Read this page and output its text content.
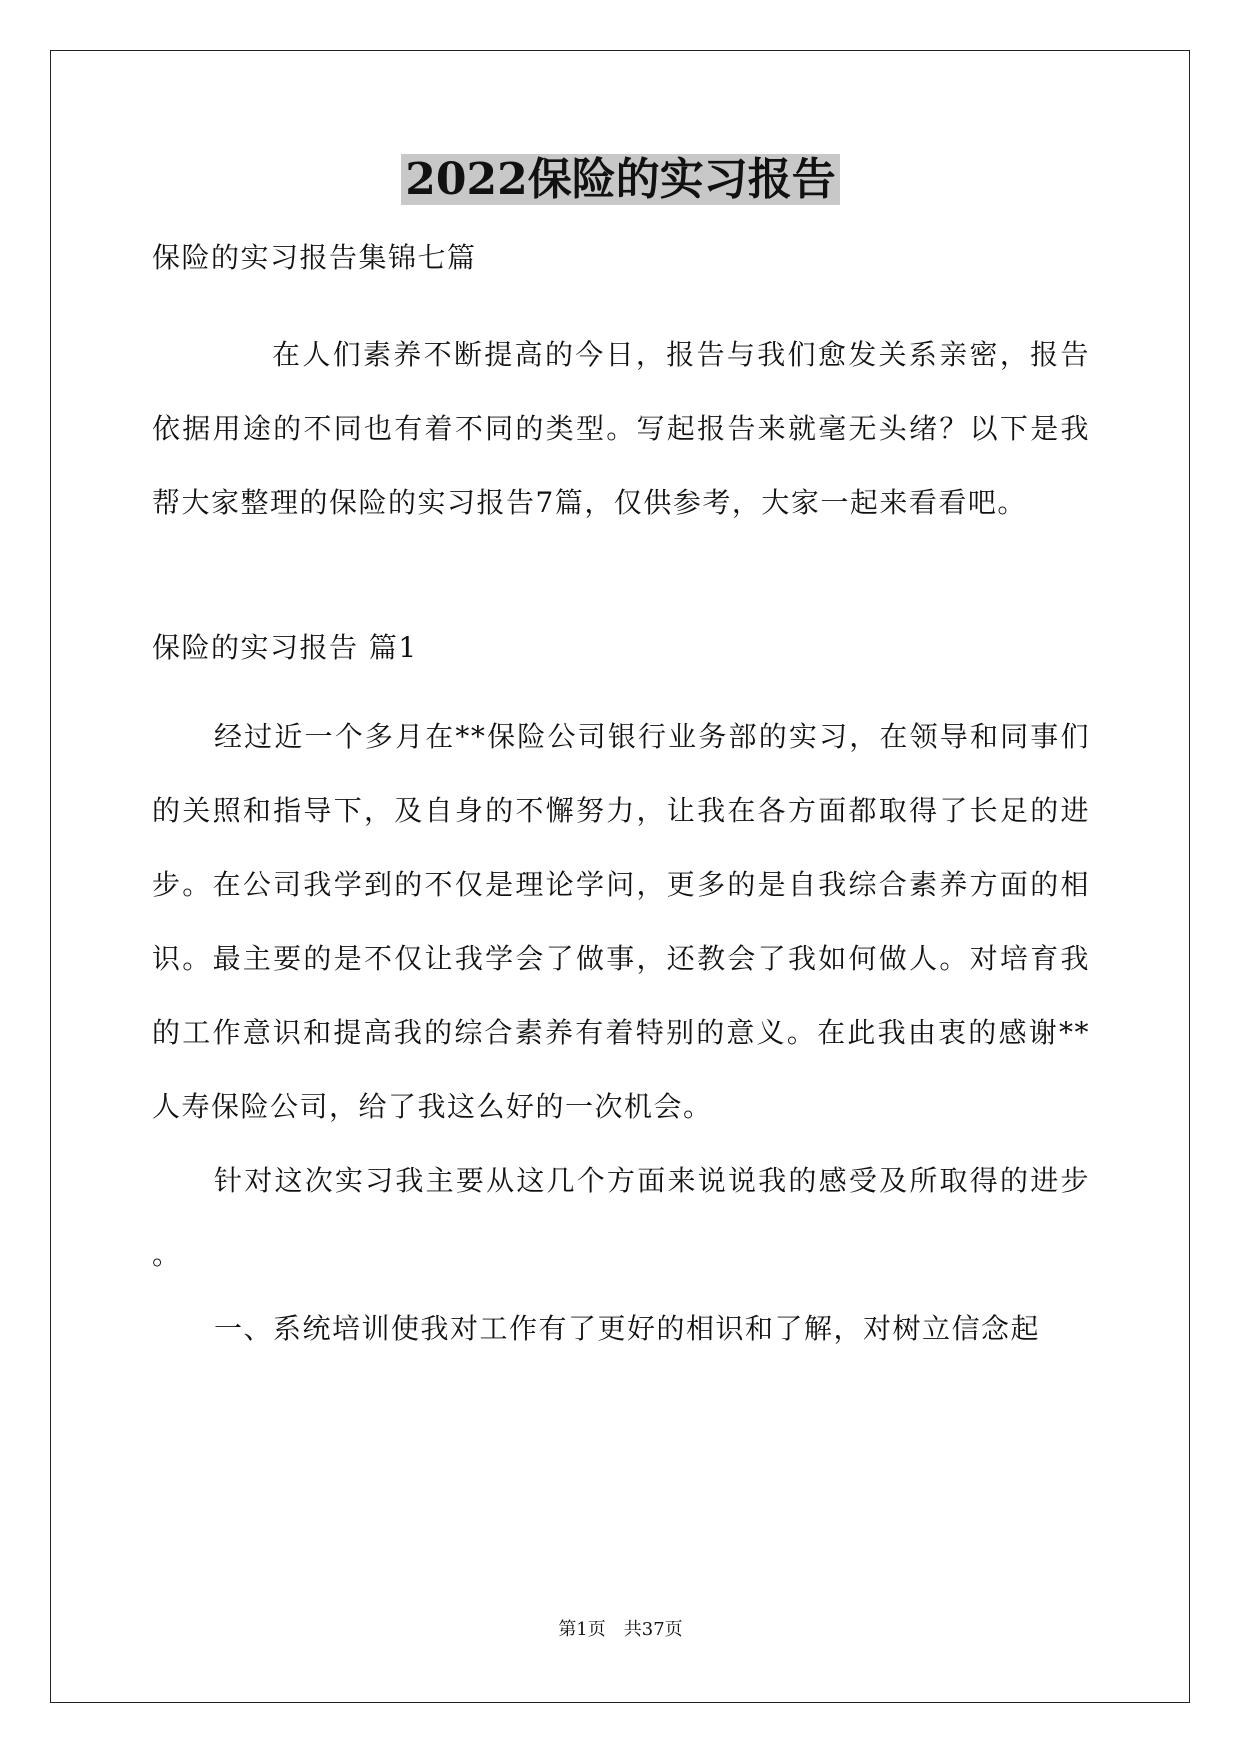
2022保险的实习报告

保险的实习报告集锦七篇

在人们素养不断提高的今日，报告与我们愈发关系亲密，报告依据用途的不同也有着不同的类型。写起报告来就毫无头绪？以下是我帮大家整理的保险的实习报告7篇，仅供参考，大家一起来看看吧。

保险的实习报告 篇1

经过近一个多月在**保险公司银行业务部的实习，在领导和同事们的关照和指导下，及自身的不懈努力，让我在各方面都取得了长足的进步。在公司我学到的不仅是理论学问，更多的是自我综合素养方面的相识。最主要的是不仅让我学会了做事，还教会了我如何做人。对培育我的工作意识和提高我的综合素养有着特别的意义。在此我由衷的感谢**人寿保险公司，给了我这么好的一次机会。

针对这次实习我主要从这几个方面来说说我的感受及所取得的进步 。

一、系统培训使我对工作有了更好的相识和了解，对树立信念起

第1页 共37页
